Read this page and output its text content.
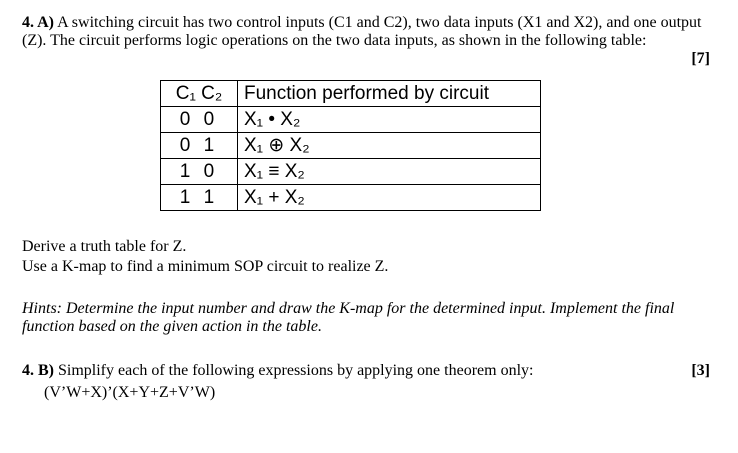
4. A) A switching circuit has two control inputs (C1 and C2), two data inputs (X1 and X2), and one output (Z). The circuit performs logic operations on the two data inputs, as shown in the following table:
[7]
C₁ C₂	Function performed by circuit
0 0	X₁ • X₂
0 1	X₁ ⊕ X₂
1 0	X₁ ≡ X₂
1 1	X₁ + X₂
Derive a truth table for Z.
Use a K-map to find a minimum SOP circuit to realize Z.
Hints: Determine the input number and draw the K-map for the determined input. Implement the final function based on the given action in the table.
4. B) Simplify each of the following expressions by applying one theorem only:	[3]
(V’W+X)’(X+Y+Z+V’W)
